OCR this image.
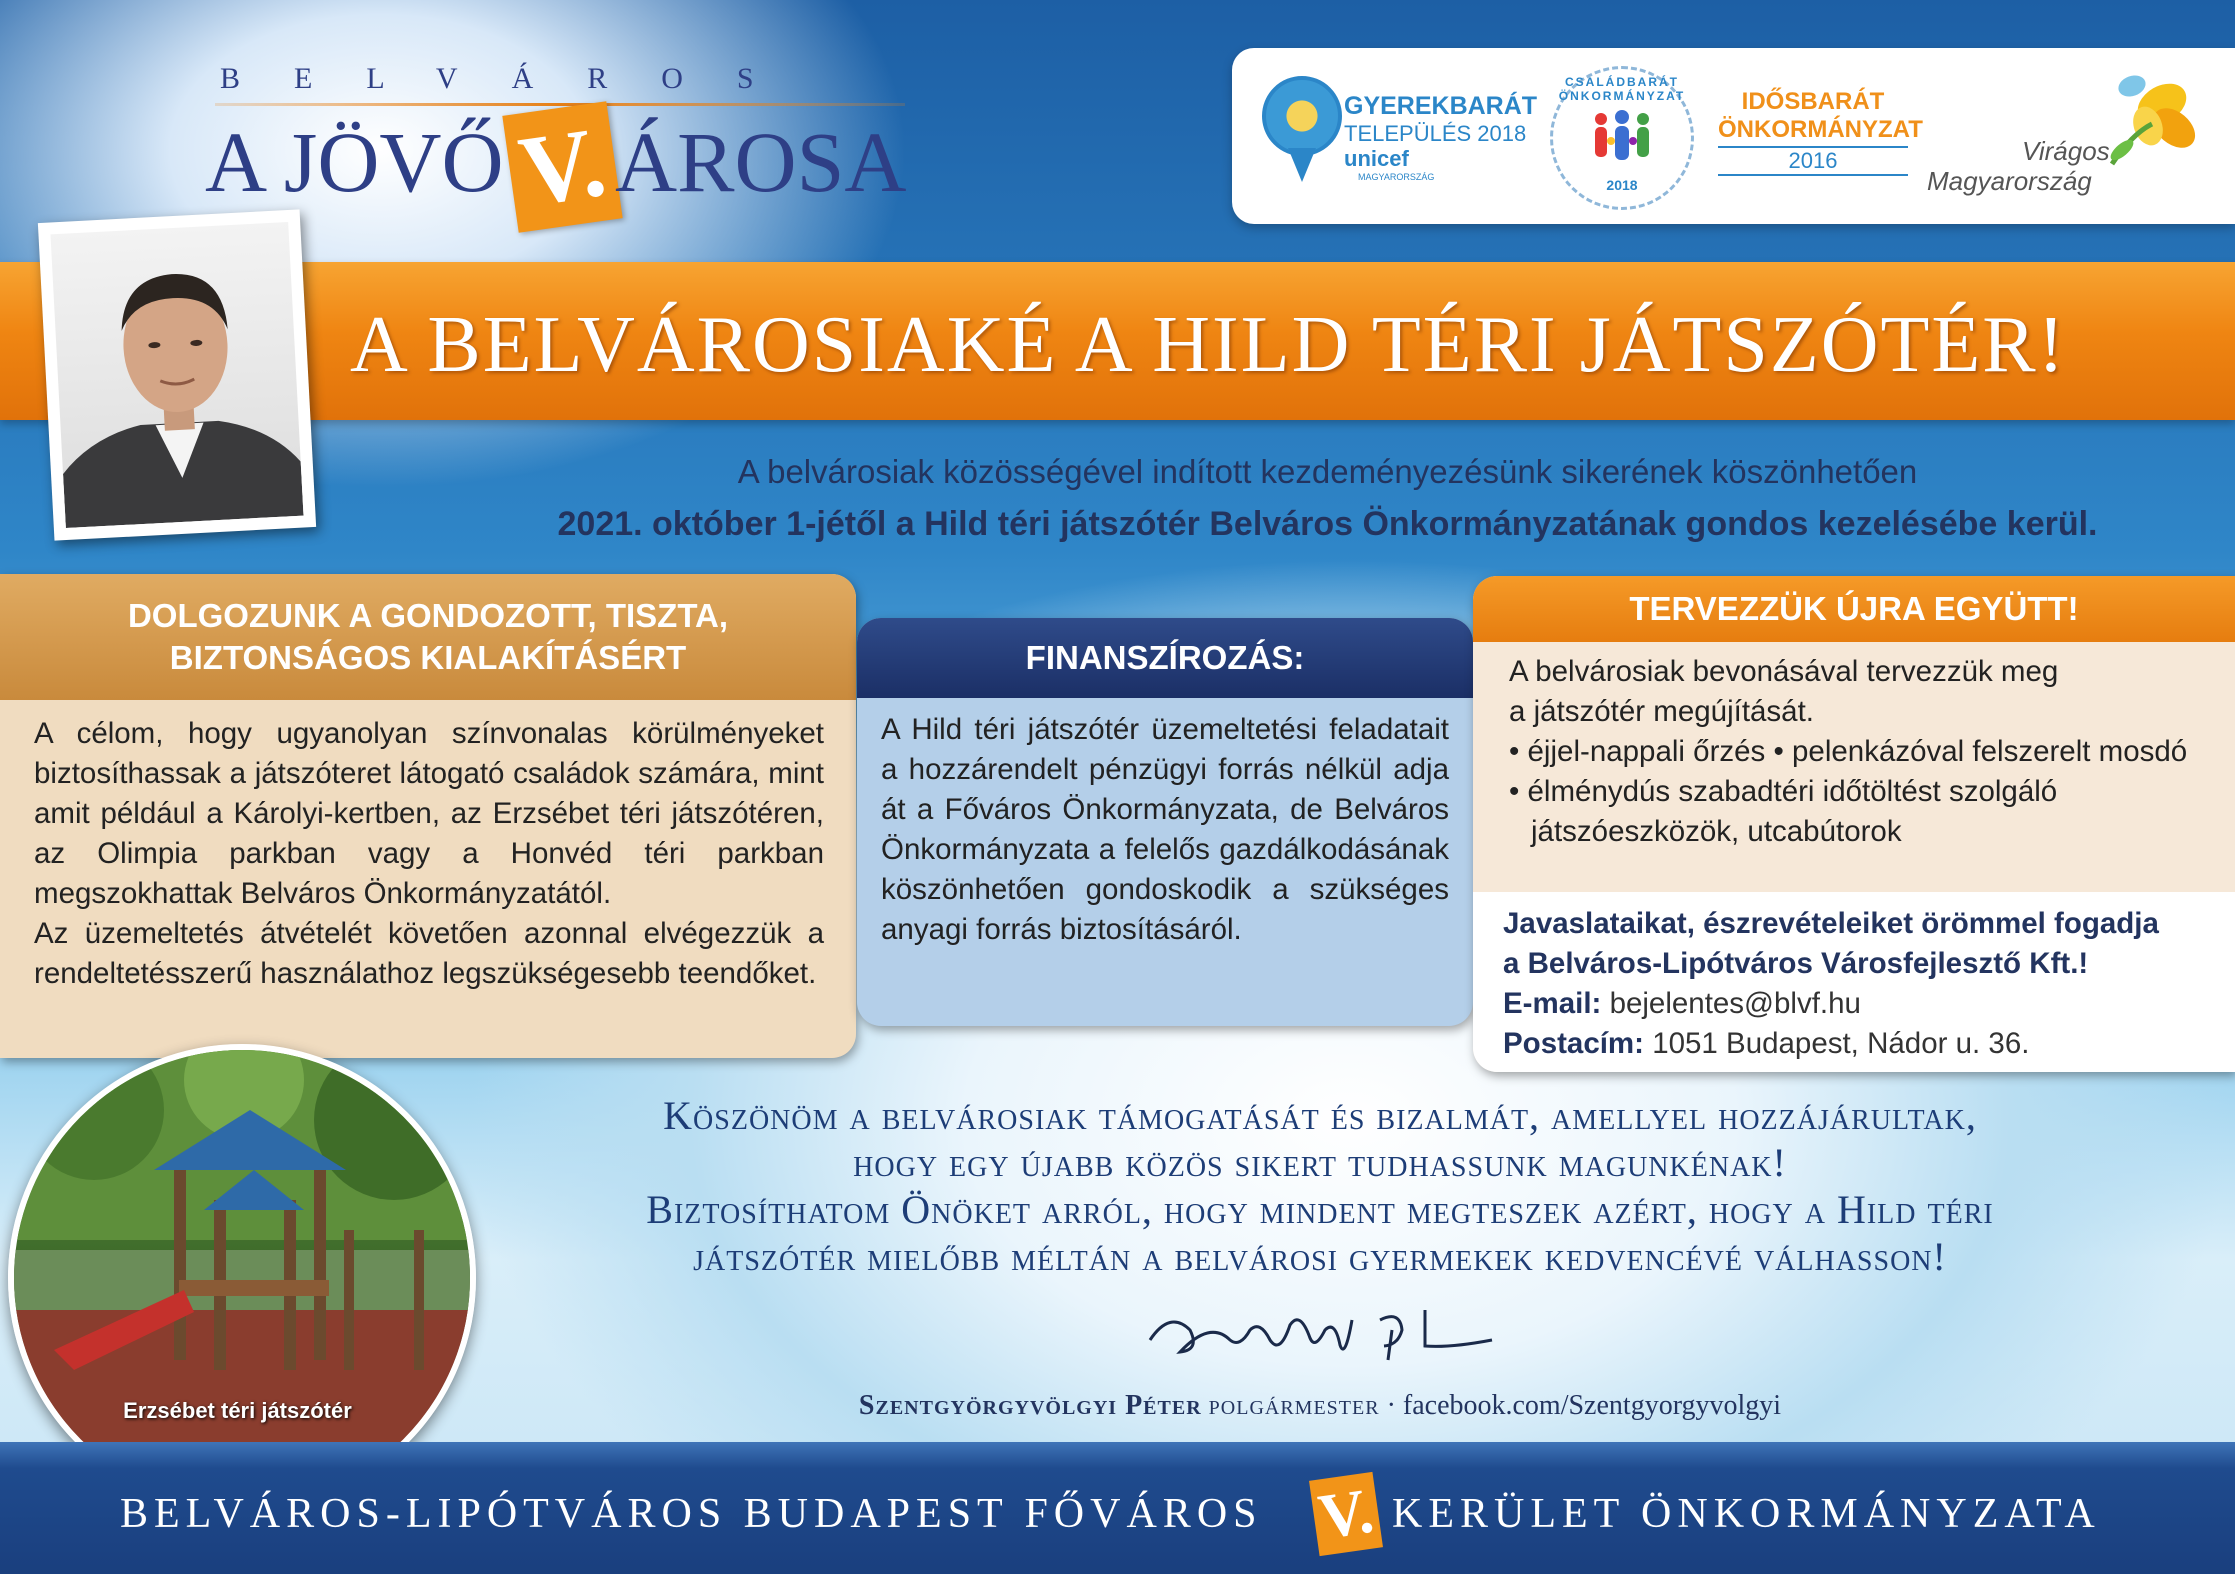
BELVÁROS
A JÖVŐ V. ÁROSA
GYEREKBARÁT
TELEPÜLÉS 2018
unicef
MAGYARORSZÁG
CSALÁDBARÁT ÖNKORMÁNYZAT
2018
IDŐSBARÁT
ÖNKORMÁNYZAT
2016	Virágos
Magyarország
A BELVÁROSIAKÉ A HILD TÉRI JÁTSZÓTÉR!
A belvárosiak közösségével indított kezdeményezésünk sikerének köszönhetően
2021. október 1-jétől a Hild téri játszótér Belváros Önkormányzatának gondos kezelésébe kerül.
DOLGOZUNK A GONDOZOTT, TISZTA,
BIZTONSÁGOS KIALAKÍTÁSÉRT
A célom, hogy ugyanolyan színvonalas körülményeket biztosíthassak a játszóteret látogató családok számára, mint amit például a Károlyi-kertben, az Erzsébet téri játszótéren, az Olimpia parkban vagy a Honvéd téri parkban megszokhattak Belváros Önkormányzatától.
Az üzemeltetés átvételét követően azonnal elvégezzük a rendeltetésszerű használathoz legszükségesebb teendőket.
FINANSZÍROZÁS:
A Hild téri játszótér üzemeltetési feladatait a hozzárendelt pénzügyi forrás nélkül adja át a Főváros Önkormányzata, de Belváros Önkormányzata a felelős gazdálkodásának köszönhetően gondoskodik a szükséges anyagi forrás biztosításáról.
TERVEZZÜK ÚJRA EGYÜTT!
A belvárosiak bevonásával tervezzük meg
a játszótér megújítását.
• éjjel-nappali őrzés • pelenkázóval felszerelt mosdó
• élménydús szabadtéri időtöltést szolgáló
játszóeszközök, utcabútorok
Javaslataikat, észrevételeiket örömmel fogadja
a Belváros-Lipótváros Városfejlesztő Kft.!
E-mail: bejelentes@blvf.hu
Postacím: 1051 Budapest, Nádor u. 36.
Erzsébet téri játszótér
Köszönöm a belvárosiak támogatását és bizalmát, amellyel hozzájárultak,
hogy egy újabb közös sikert tudhassunk magunkénak!
Biztosíthatom Önöket arról, hogy mindent megteszek azért, hogy a Hild téri
játszótér mielőbb méltán a belvárosi gyermekek kedvencévé válhasson!
Szentgyörgyvölgyi Péter polgármester · facebook.com/Szentgyorgyvolgyi
BELVÁROS-LIPÓTVÁROS BUDAPEST FŐVÁROS V. KERÜLET ÖNKORMÁNYZATA
